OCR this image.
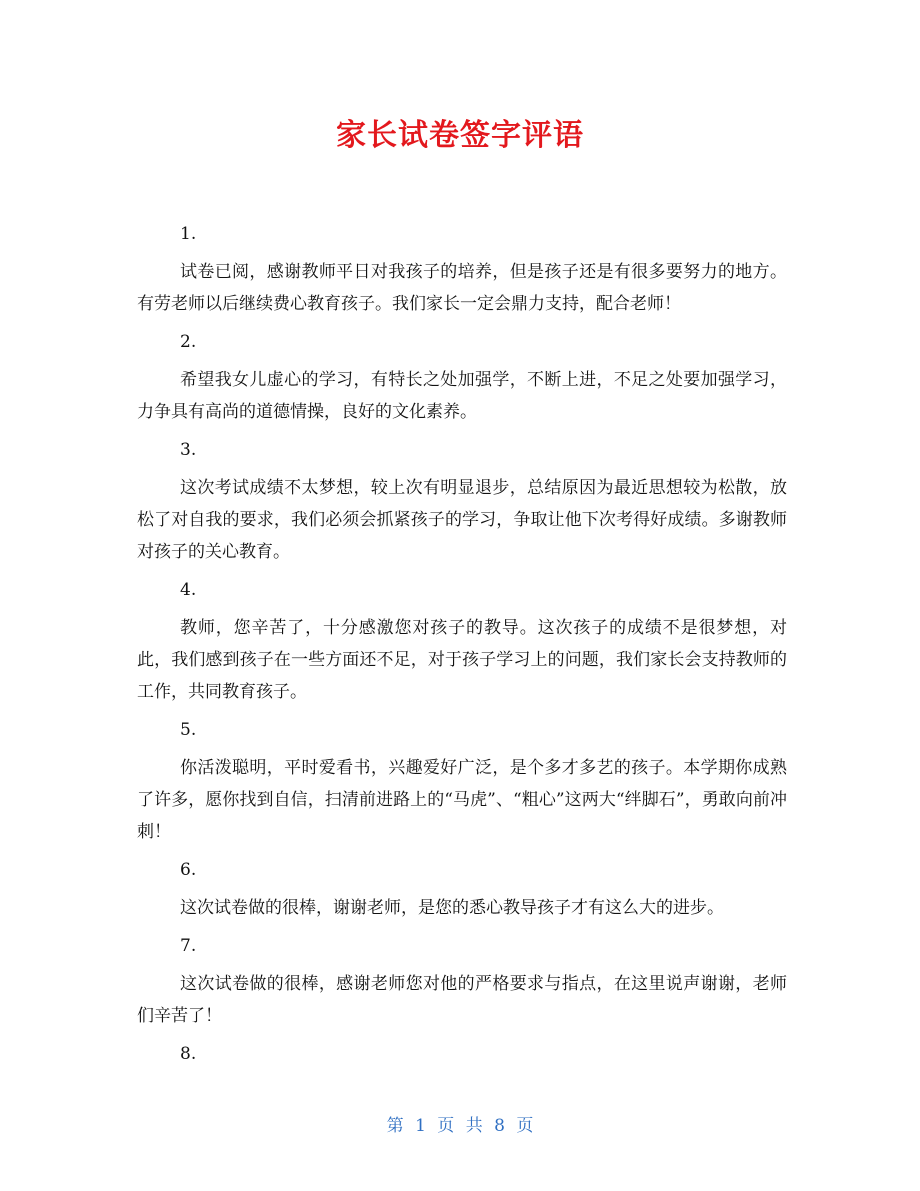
家长试卷签字评语
1.
试卷已阅，感谢教师平日对我孩子的培养，但是孩子还是有很多要努力的地方。有劳老师以后继续费心教育孩子。我们家长一定会鼎力支持，配合老师！
2.
希望我女儿虚心的学习，有特长之处加强学，不断上进，不足之处要加强学习，力争具有高尚的道德情操，良好的文化素养。
3.
这次考试成绩不太梦想，较上次有明显退步，总结原因为最近思想较为松散，放松了对自我的要求，我们必须会抓紧孩子的学习，争取让他下次考得好成绩。多谢教师对孩子的关心教育。
4.
教师，您辛苦了，十分感激您对孩子的教导。这次孩子的成绩不是很梦想，对此，我们感到孩子在一些方面还不足，对于孩子学习上的问题，我们家长会支持教师的工作，共同教育孩子。
5.
你活泼聪明，平时爱看书，兴趣爱好广泛，是个多才多艺的孩子。本学期你成熟了许多，愿你找到自信，扫清前进路上的“马虎”、“粗心”这两大“绊脚石”，勇敢向前冲刺！
6.
这次试卷做的很棒，谢谢老师，是您的悉心教导孩子才有这么大的进步。
7.
这次试卷做的很棒，感谢老师您对他的严格要求与指点，在这里说声谢谢，老师们辛苦了！
8.
第 1 页 共 8 页
